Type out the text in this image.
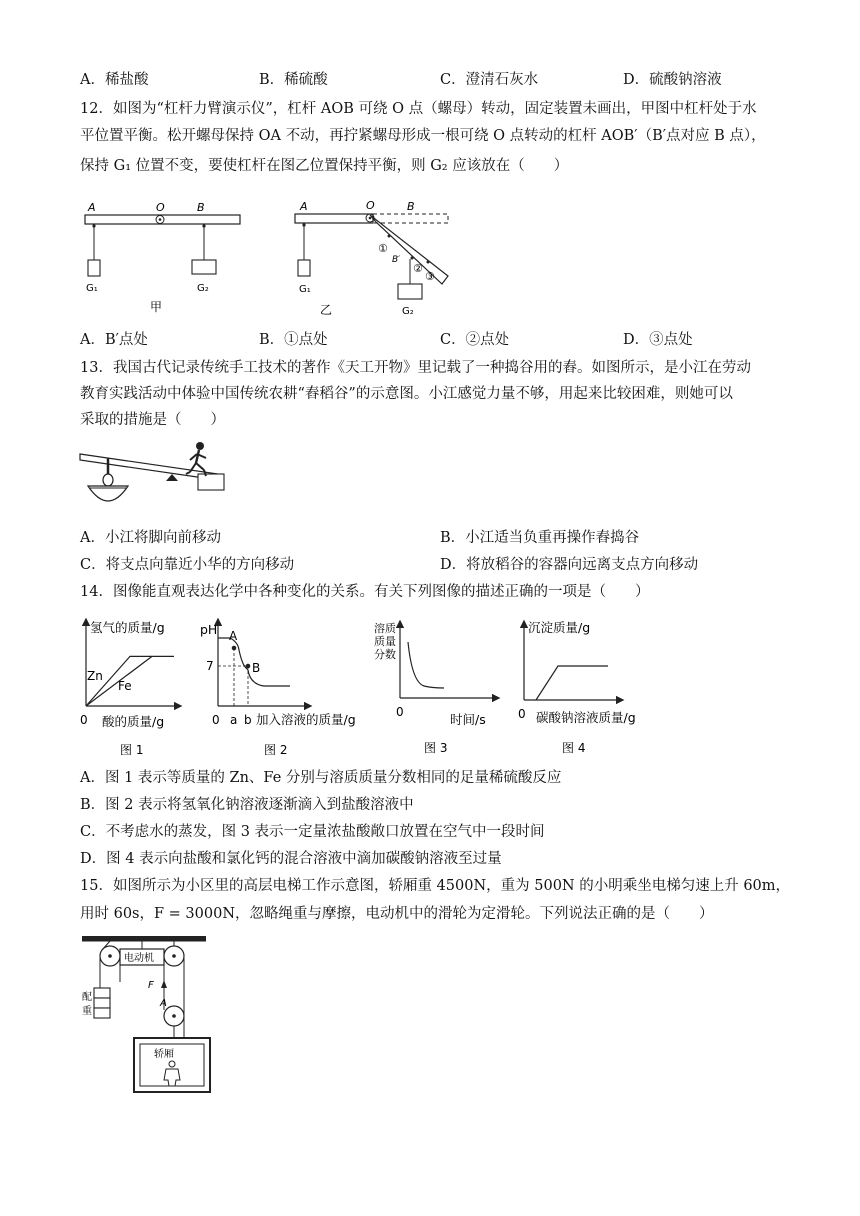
A．稀盐酸	B．稀硫酸	C．澄清石灰水	D．硫酸钠溶液
12．如图为“杠杆力臂演示仪”，杠杆 AOB 可绕 O 点（螺母）转动，固定装置未画出，甲图中杠杆处于水
平位置平衡。松开螺母保持 OA 不动，再拧紧螺母形成一根可绕 O 点转动的杠杆 AOB′（B′点对应 B 点），
保持 G₁ 位置不变，要使杠杆在图乙位置保持平衡，则 G₂ 应该放在（　　）
A	O	B
G₁	G₂
甲
A	O	B
G₁
①
B′
G₂
②
③
乙
A．B′点处	B．①点处	C．②点处	D．③点处
13．我国古代记录传统手工技术的著作《天工开物》里记载了一种捣谷用的舂。如图所示，是小江在劳动
教育实践活动中体验中国传统农耕“舂稻谷”的示意图。小江感觉力量不够，用起来比较困难，则她可以
采取的措施是（　　）
A．小江将脚向前移动	B．小江适当负重再操作舂捣谷
C．将支点向靠近小华的方向移动	D．将放稻谷的容器向远离支点方向移动
14．图像能直观表达化学中各种变化的关系。有关下列图像的描述正确的一项是（　　）
氢气的质量/g
Zn
Fe
0 酸的质量/g
图 1
pH A
B
7
0 a b 加入溶液的质量/g
图 2
溶质
质量
分数
0	时间/s
图 3
沉淀质量/g
0 碳酸钠溶液质量/g
图 4
A．图 1 表示等质量的 Zn、Fe 分别与溶质质量分数相同的足量稀硫酸反应
B．图 2 表示将氢氧化钠溶液逐渐滴入到盐酸溶液中
C．不考虑水的蒸发，图 3 表示一定量浓盐酸敞口放置在空气中一段时间
D．图 4 表示向盐酸和氯化钙的混合溶液中滴加碳酸钠溶液至过量
15．如图所示为小区里的高层电梯工作示意图，轿厢重 4500N，重为 500N 的小明乘坐电梯匀速上升 60m，
用时 60s，F = 3000N，忽略绳重与摩擦，电动机中的滑轮为定滑轮。下列说法正确的是（　　）
电动机
配
重
F
A
轿厢
